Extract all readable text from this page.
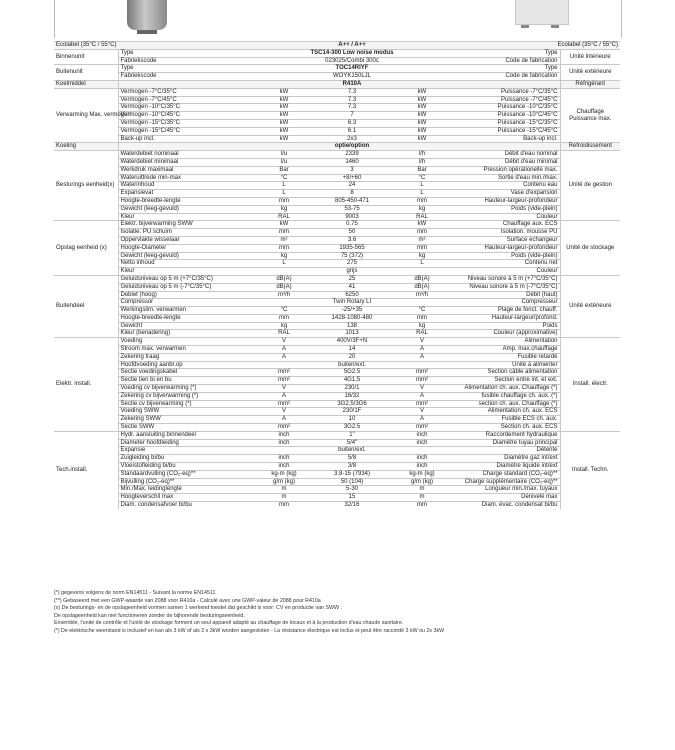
Ecolabel (35°C / 55°C)			A++ / A++	Ecolabel (35°C / 55°C)		
Binnenunit	Type		TSC14-300 Low noise modus		Type	Unité intérieure
	Fabriekscode		023025/Combi 300c		Code de fabrication	
Buitenunit	Type		TOC14RIYF		Type	Unité extérieure
	Fabriekscode		WOYK150LJL		Code de fabrication	
Koelmiddel			R410A			Réfrigérant
Verwarming Max. vermogen	Vermogen -7°C/35°C	kW	7.3	kW	Puissance -7°C/35°C	Chauffage Puissance max.
	Vermogen -7°C/45°C	kW	7.3	kW	Puissance -7°C/45°C	
	Vermogen -10°C/35°C	kW	7.3	kW	Puissance -10°C/35°C	
	Vermogen -10°C/45°C	kW	7	kW	Puissance -10°C/45°C	
	Vermogen -15°C/35°C	kW	6.3	kW	Puissance -15°C/35°C	
	Vermogen -15°C/45°C	kW	6.1	kW	Puissance -15°C/45°C	
	Back-up incl.	kW	2x3	kW	Back-up incl.	
Koeling			optie/option			Refroidissement
Besturings eenheid(x)	Waterdebiet nominaal	l/u	2339	l/h	Débit d'eau nominal	Unité de gestion
	Waterdebiet minimaal	l/u	1460	l/h	Débit d'eau minimal	
	Werkdruk maximaal	Bar	3	Bar	Pression opérationelle max.	
	Wateruittrede min-max	°C	+8/+60	°C	Sortie d'eau min./max.	
	Waterinhoud	L	24	L	Contenu eau	
	Expansievat	L	8	L	Vase d'expansion	
	Hoogte-breedte-lengte	mm	805-450-471	mm	Hauteur-largeur-profondeur	
	Gewicht (leeg-gevuld)	kg	53-75	kg	Poids (vide-plein)	
	Kleur	RAL	9003	RAL	Couleur	
Opslag eenheid (x)	Elektr. bijverwarming SWW	kW	0.75	kW	Chauffage aux. ECS	Unité de stockage
	Isolatie. PU schuim	mm	50	mm	Isolation. mousse PU	
	Oppervlakte wisselaar	m²	3.6	m²	Surface echangeur	
	Hoogte-Diameter	mm	1935-565	mm	Hauteur-largeur-profondeur	
	Gewicht (leeg-gevuld)	kg	75 (372)	kg	Poids (vide-plein)	
	Netto inhoud	L	275	L	Contenu net	
	Kleur		grijs		Couleur	
Buitendeel	Geluidsniveau op 5 m (+7°C/35°C)	dB(A)	25	dB(A)	Niveau sonore à 5 m (+7°C/35°C)	Unité extérieure
	Geluidsniveau op 5 m (-7°C/35°C)	dB(A)	41	dB(A)	Niveau sonore à 5 m (-7°C/35°C)	
	Debiet (hoog)	m³/h	6250	m³/h	Débit (haut)	
	Compressor		Twin Rotary LI		Compresseur	
	Werkingslim. verwarmen	°C	-25/+35	°C	Plage de fonct. chauff.	
	Hoogte-breedte-lengte	mm	1428-1080-480	mm	Hauteur-largeur/profond.	
	Gewicht	kg	138	kg	Poids	
	Kleur (benadering)	RAL	1013	RAL	Couleur (approximative)	
Elektr. install.	Voeding	V	400V/3F+N	V	Alimentation	Install. électr.
	Stroom max. verwarmen	A	14	A	Amp. max.chauffage	
	Zekering traag	A	20	A	Fusible retardé	
	Hoofdvoeding aanbr.op		buiten/ext.		Unité à alimenter	
	Sectie voedingskabel	mm²	5G2.5	mm²	Section câble alimentation	
	Sectie tien bi en bu	mm²	4G1,5	mm²	Section entre int. et ext.	
	Voeding cv bijverwarming (*)	V	230/1	V	Alimentation ch. aux. Chauffage (*)	
	Zekering cv bijverwarming (*)	A	16/32	A	fusible chauffage ch. aux. (*)	
	Sectie cv bijverwarming (*)	mm²	3G2,5/3G6	mm²	section ch. aux. Chauffage (*)	
	Voeding SWW	V	230/1F	V	Alimentation ch. aux. ECS	
	Zekering SWW	A	10	A	Fusible ECS ch. aux.	
	Sectie SWW	mm²	3G2.5	mm²	Section ch. aux. ECS	
Tech.install.	Hydr. aansluiting binnendeel	inch	1"	inch	Raccordement hydraulique	Install. Techn.
	Diameter hoofdleiding	inch	5/4"	inch	Diamètre tuyau principal	
	Expansie		buiten/ext.		Détente	
	Zuigleiding bi/bu	inch	5/8	inch	Diamètre gaz int/ext	
	Vloeistofleiding bi/bu	inch	3/8	inch	Diamètre liquide int/ext	
	Standaardvulling (CO₂-eq)**	kg-m (kg)	3.8-15 (7934)	kg-m (kg)	Charge standard (CO₂-eq)**	
	Bijvulling (CO₂-eq)**	g/m (kg)	50 (104)	g/m (kg)	Charge supplémentaire (CO₂-eq)**	
	Min./Max. leidinglengte	m	5-30	m	Longueur min./max. tuyaux	
	Hoogteverschil max	m	15	m	Dénivelé max	
	Diam. condensafvoer bi/bu	mm	32/16	mm	Diam. évac. condensat bi/bu	
(*) gegevens volgens de norm EN14511 - Suivant la norme EN14511
(**) Gebaseerd met een GWP-waarde van 2088 voor R410a - Calculé avec une GWP-valeur de 2088 pour R410a
(x) De besturings- en de opslageenheid vormen samen 1 werkend toestel dat geschikt is voor: CV en productie van SWW .
De opslageenheid kan niet functioneren zonder de bijhorende besturingseenheid.
Ensemble, l'unité de contrôle et l'unité de stockage forment un seul appareil adapté au chauffage de locaux et à la production d'eau chaude sanitaire.
(*) De elektrische weerstand is inclusief en kan als 3 kW of als 2 x 3kW worden aangesloten - La résistance électrique est inclus et peut être raccordé 3 kW ou 2x 3kW
